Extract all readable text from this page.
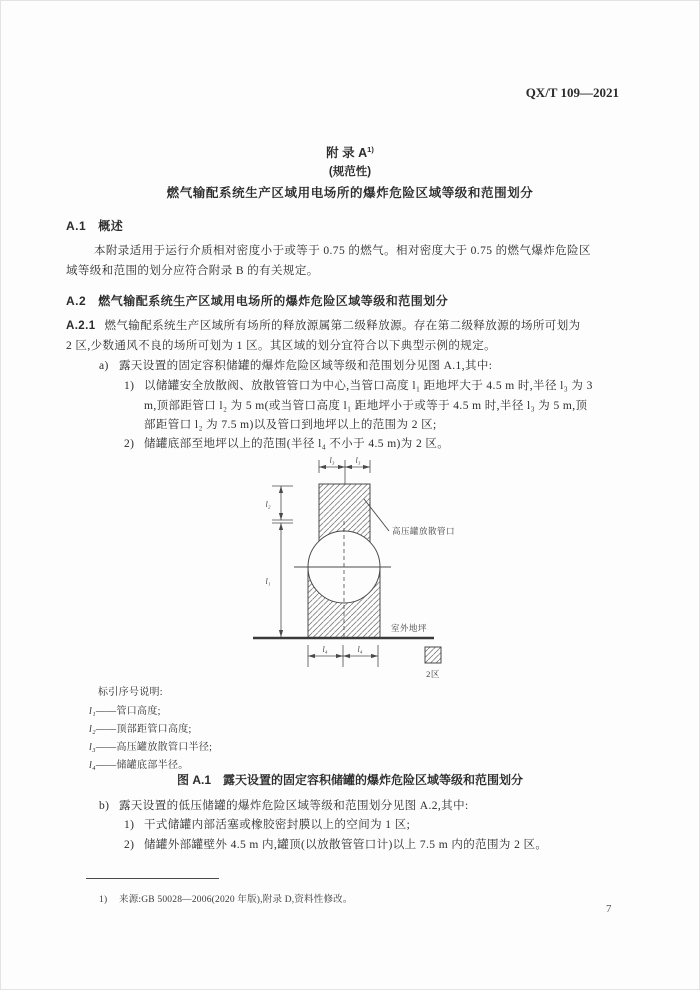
QX/T 109—2021
附 录 $A^{1)}$
(规范性)
燃气输配系统生产区域用电场所的爆炸危险区域等级和范围划分
A.1 概述
本附录适用于运行介质相对密度小于或等于 0.75 的燃气。相对密度大于 0.75 的燃气爆炸危险区
域等级和范围的划分应符合附录 B 的有关规定。
A.2 燃气输配系统生产区域用电场所的爆炸危险区域等级和范围划分
A.2.1 燃气输配系统生产区域所有场所的释放源属第二级释放源。存在第二级释放源的场所可划为
2 区,少数通风不良的场所可划为 1 区。其区域的划分宜符合以下典型示例的规定。
a) 露天设置的固定容积储罐的爆炸危险区域等级和范围划分见图 A.1,其中:
1) 以储罐安全放散阀、放散管管口为中心,当管口高度 l₁ 距地坪大于 4.5 m 时,半径 l₃ 为 3
m,顶部距管口 l₂ 为 5 m(或当管口高度 l₁ 距地坪小于或等于 4.5 m 时,半径 l₃ 为 5 m,顶
部距管口 l₂ 为 7.5 m)以及管口到地坪以上的范围为 2 区;
2) 储罐底部至地坪以上的范围(半径 l₄ 不小于 4.5 m)为 2 区。
l₃	l₃
l₂
l₁
高压罐放散管口
室外地坪
l₄	l₄
2区
标引序号说明:
l₁——管口高度;
l₂——顶部距管口高度;
l₃——高压罐放散管口半径;
l₄——储罐底部半径。
图 A.1 露天设置的固定容积储罐的爆炸危险区域等级和范围划分
b) 露天设置的低压储罐的爆炸危险区域等级和范围划分见图 A.2,其中:
1) 干式储罐内部活塞或橡胶密封膜以上的空间为 1 区;
2) 储罐外部罐壁外 4.5 m 内,罐顶(以放散管管口计)以上 7.5 m 内的范围为 2 区。
1) 来源:GB 50028—2006(2020 年版),附录 D,资料性修改。
7
